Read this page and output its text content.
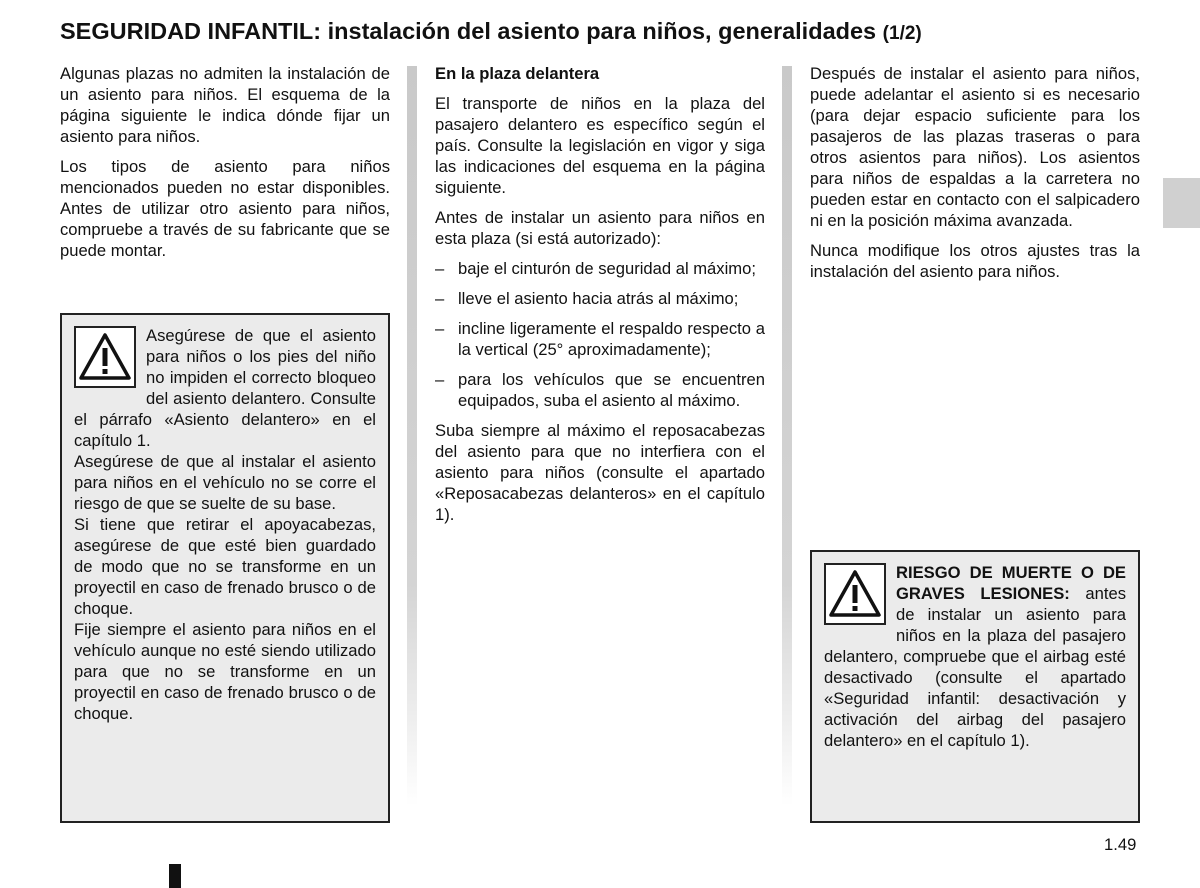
SEGURIDAD INFANTIL: instalación del asiento para niños, generalidades (1/2)

Algunas plazas no admiten la instalación de un asiento para niños. El esquema de la página siguiente le indica dónde fijar un asiento para niños.

Los tipos de asiento para niños mencionados pueden no estar disponibles. Antes de utilizar otro asiento para niños, compruebe a través de su fabricante que se puede montar.

Asegúrese de que el asiento para niños o los pies del niño no impiden el correcto bloqueo del asiento delantero. Consulte el párrafo «Asiento delantero» en el capítulo 1.

Asegúrese de que al instalar el asiento para niños en el vehículo no se corre el riesgo de que se suelte de su base.

Si tiene que retirar el apoyacabezas, asegúrese de que esté bien guardado de modo que no se transforme en un proyectil en caso de frenado brusco o de choque.

Fije siempre el asiento para niños en el vehículo aunque no esté siendo utilizado para que no se transforme en un proyectil en caso de frenado brusco o de choque.

En la plaza delantera

El transporte de niños en la plaza del pasajero delantero es específico según el país. Consulte la legislación en vigor y siga las indicaciones del esquema en la página siguiente.

Antes de instalar un asiento para niños en esta plaza (si está autorizado):

– baje el cinturón de seguridad al máximo;
– lleve el asiento hacia atrás al máximo;
– incline ligeramente el respaldo respecto a la vertical (25° aproximadamente);
– para los vehículos que se encuentren equipados, suba el asiento al máximo.

Suba siempre al máximo el reposacabezas del asiento para que no interfiera con el asiento para niños (consulte el apartado «Reposacabezas delanteros» en el capítulo 1).

Después de instalar el asiento para niños, puede adelantar el asiento si es necesario (para dejar espacio suficiente para los pasajeros de las plazas traseras o para otros asientos para niños). Los asientos para niños de espaldas a la carretera no pueden estar en contacto con el salpicadero ni en la posición máxima avanzada.

Nunca modifique los otros ajustes tras la instalación del asiento para niños.

RIESGO DE MUERTE O DE GRAVES LESIONES: antes de instalar un asiento para niños en la plaza del pasajero delantero, compruebe que el airbag esté desactivado (consulte el apartado «Seguridad infantil: desactivación y activación del airbag del pasajero delantero» en el capítulo 1).

1.49
